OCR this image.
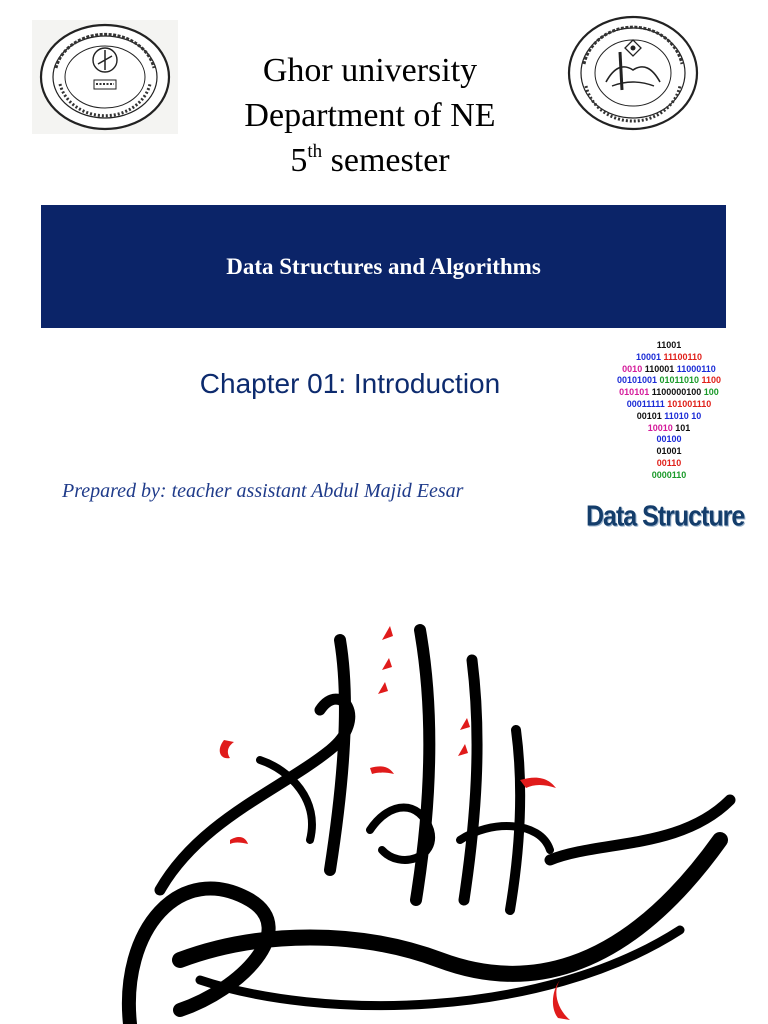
Ghor university
Department of NE
5th semester
Data Structures and Algorithms
Chapter 01: Introduction
Prepared by: teacher assistant Abdul Majid Eesar
11001
10001 11100110
0010 110001 11000110
00101001 01011010 1100
010101 1100000100 100
00011111 101001110
00101 11010 10
10010 101
00100
01001
00110
0000110
Data Structure
